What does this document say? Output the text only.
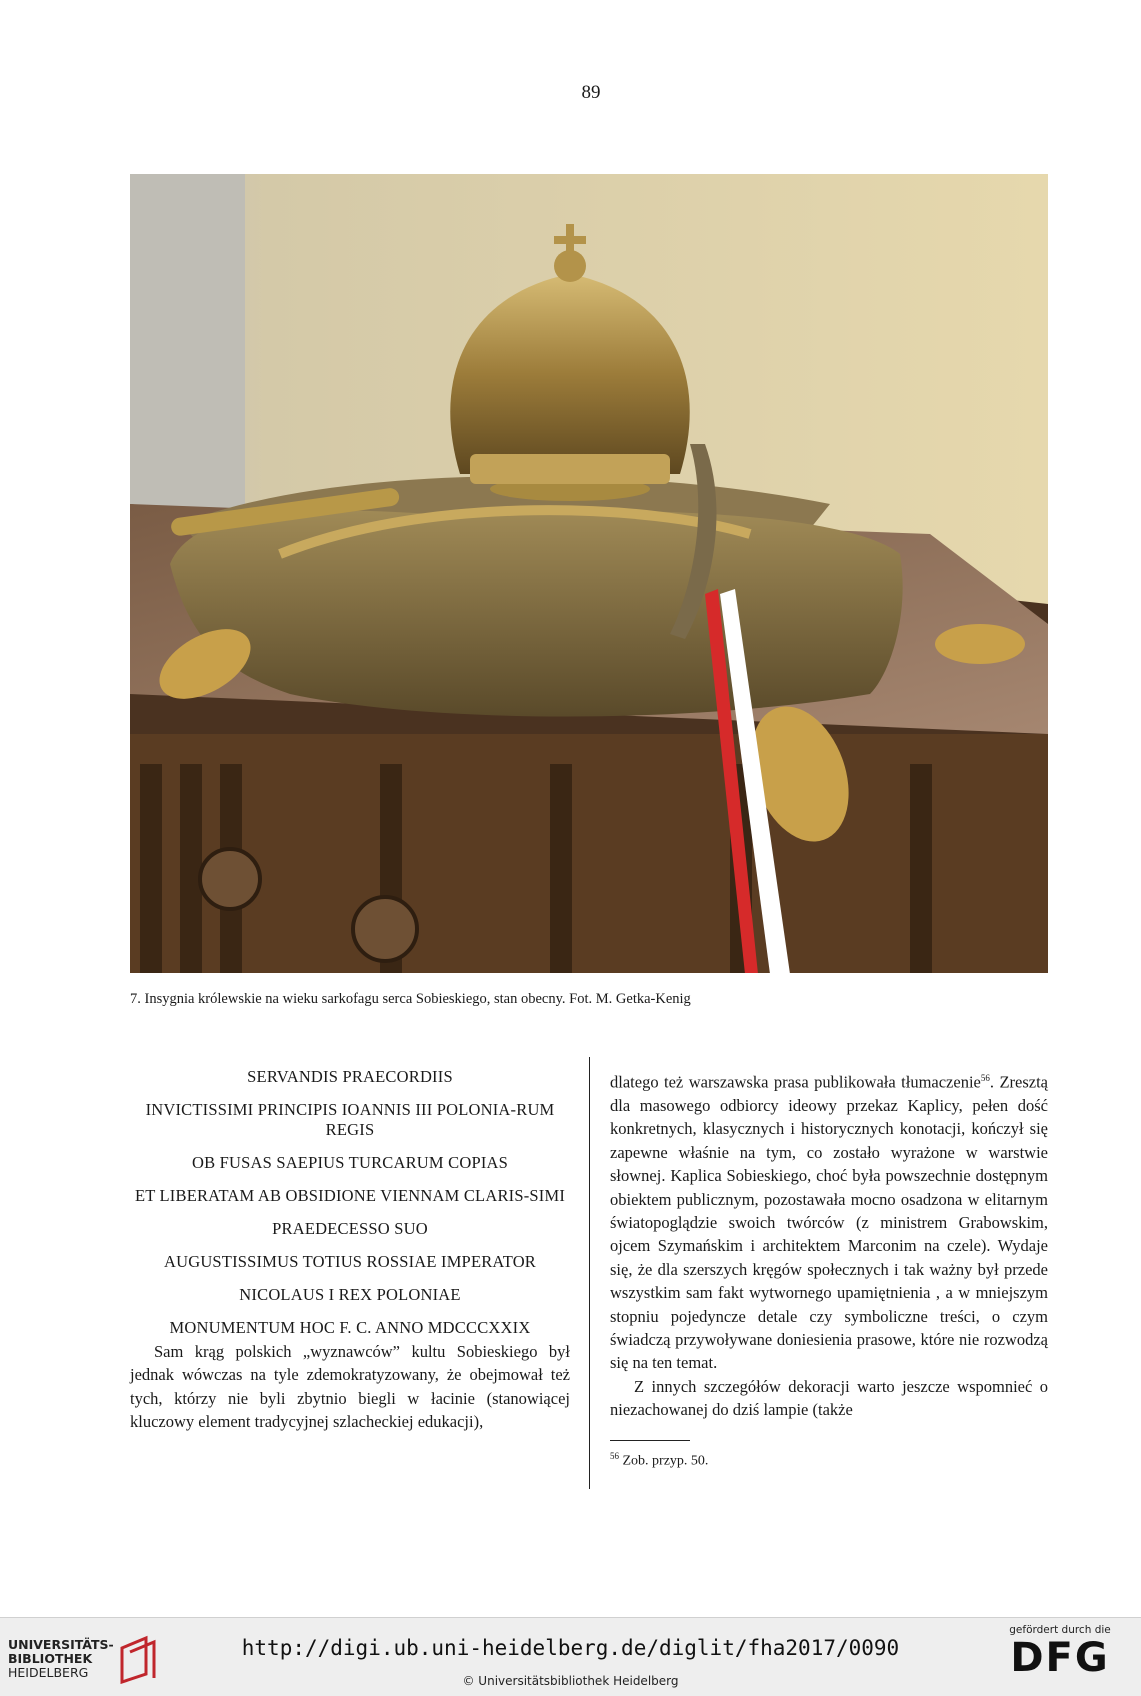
89
7. Insygnia królewskie na wieku sarkofagu serca Sobieskiego, stan obecny. Fot. M. Getka-Kenig

SERVANDIS PRAECORDIIS

INVICTISSIMI PRINCIPIS IOANNIS III POLONIA-RUM REGIS

OB FUSAS SAEPIUS TURCARUM COPIAS

ET LIBERATAM AB OBSIDIONE VIENNAM CLARIS-SIMI

PRAEDECESSO SUO

AUGUSTISSIMUS TOTIUS ROSSIAE IMPERATOR

NICOLAUS I REX POLONIAE

MONUMENTUM HOC F. C. ANNO MDCCCXXIX

Sam krąg polskich „wyznawców” kultu Sobieskiego był jednak wówczas na tyle zdemokratyzowany, że obejmował też tych, którzy nie byli zbytnio biegli w łacinie (stanowiącej kluczowy element tradycyjnej szlacheckiej edukacji),

dlatego też warszawska prasa publikowała tłumaczenie$^{56}$. Zresztą dla masowego odbiorcy ideowy przekaz Kaplicy, pełen dość konkretnych, klasycznych i historycznych konotacji, kończył się zapewne właśnie na tym, co zostało wyrażone w warstwie słownej. Kaplica Sobieskiego, choć była powszechnie dostępnym obiektem publicznym, pozostawała mocno osadzona w elitarnym światopoglądzie swoich twórców (z ministrem Grabowskim, ojcem Szymańskim i architektem Marconim na czele). Wydaje się, że dla szerszych kręgów społecznych i tak ważny był przede wszystkim sam fakt wytwornego upamiętnienia , a w mniejszym stopniu pojedyncze detale czy symboliczne treści, o czym świadczą przywoływane doniesienia prasowe, które nie rozwodzą się na ten temat.

Z innych szczegółów dekoracji warto jeszcze wspomnieć o niezachowanej do dziś lampie (także

$^{56}$ Zob. przyp. 50.
UNIVERSITÄTS-
BIBLIOTHEK
HEIDELBERG
http://digi.ub.uni-heidelberg.de/diglit/fha2017/0090
© Universitätsbibliothek Heidelberg
gefördert durch die
DFG
